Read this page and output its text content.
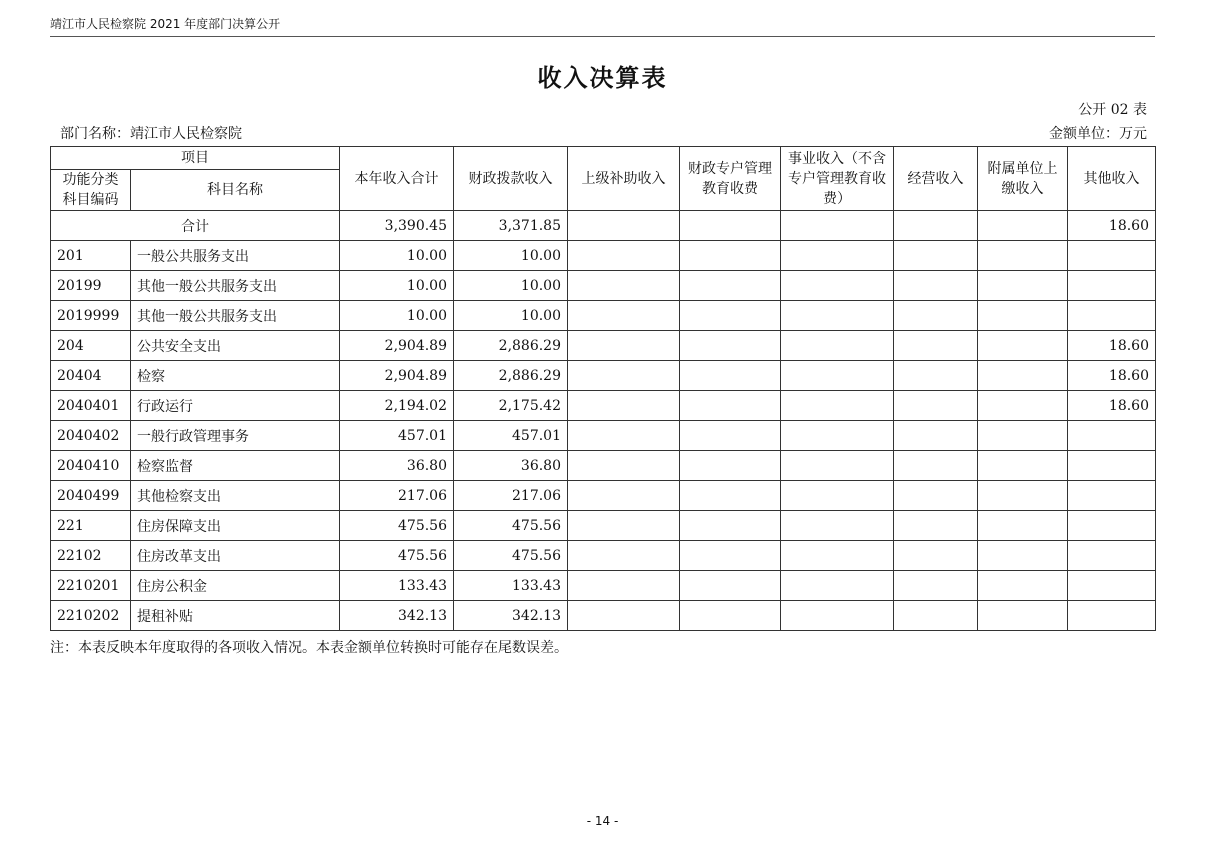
靖江市人民检察院 2021 年度部门决算公开
收入决算表
公开 02 表
部门名称：靖江市人民检察院	金额单位：万元
项目		本年收入合计	财政拨款收入	上级补助收入	财政专户管理教育收费	事业收入（不含专户管理教育收费）	经营收入	附属单位上缴收入	其他收入
功能分类科目编码	科目名称								
合计		3,390.45	3,371.85						18.60
201	一般公共服务支出	10.00	10.00						
20199	其他一般公共服务支出	10.00	10.00						
2019999	其他一般公共服务支出	10.00	10.00						
204	公共安全支出	2,904.89	2,886.29						18.60
20404	检察	2,904.89	2,886.29						18.60
2040401	行政运行	2,194.02	2,175.42						18.60
2040402	一般行政管理事务	457.01	457.01						
2040410	检察监督	36.80	36.80						
2040499	其他检察支出	217.06	217.06						
221	住房保障支出	475.56	475.56						
22102	住房改革支出	475.56	475.56						
2210201	住房公积金	133.43	133.43						
2210202	提租补贴	342.13	342.13						
注：本表反映本年度取得的各项收入情况。本表金额单位转换时可能存在尾数误差。
- 14 -
